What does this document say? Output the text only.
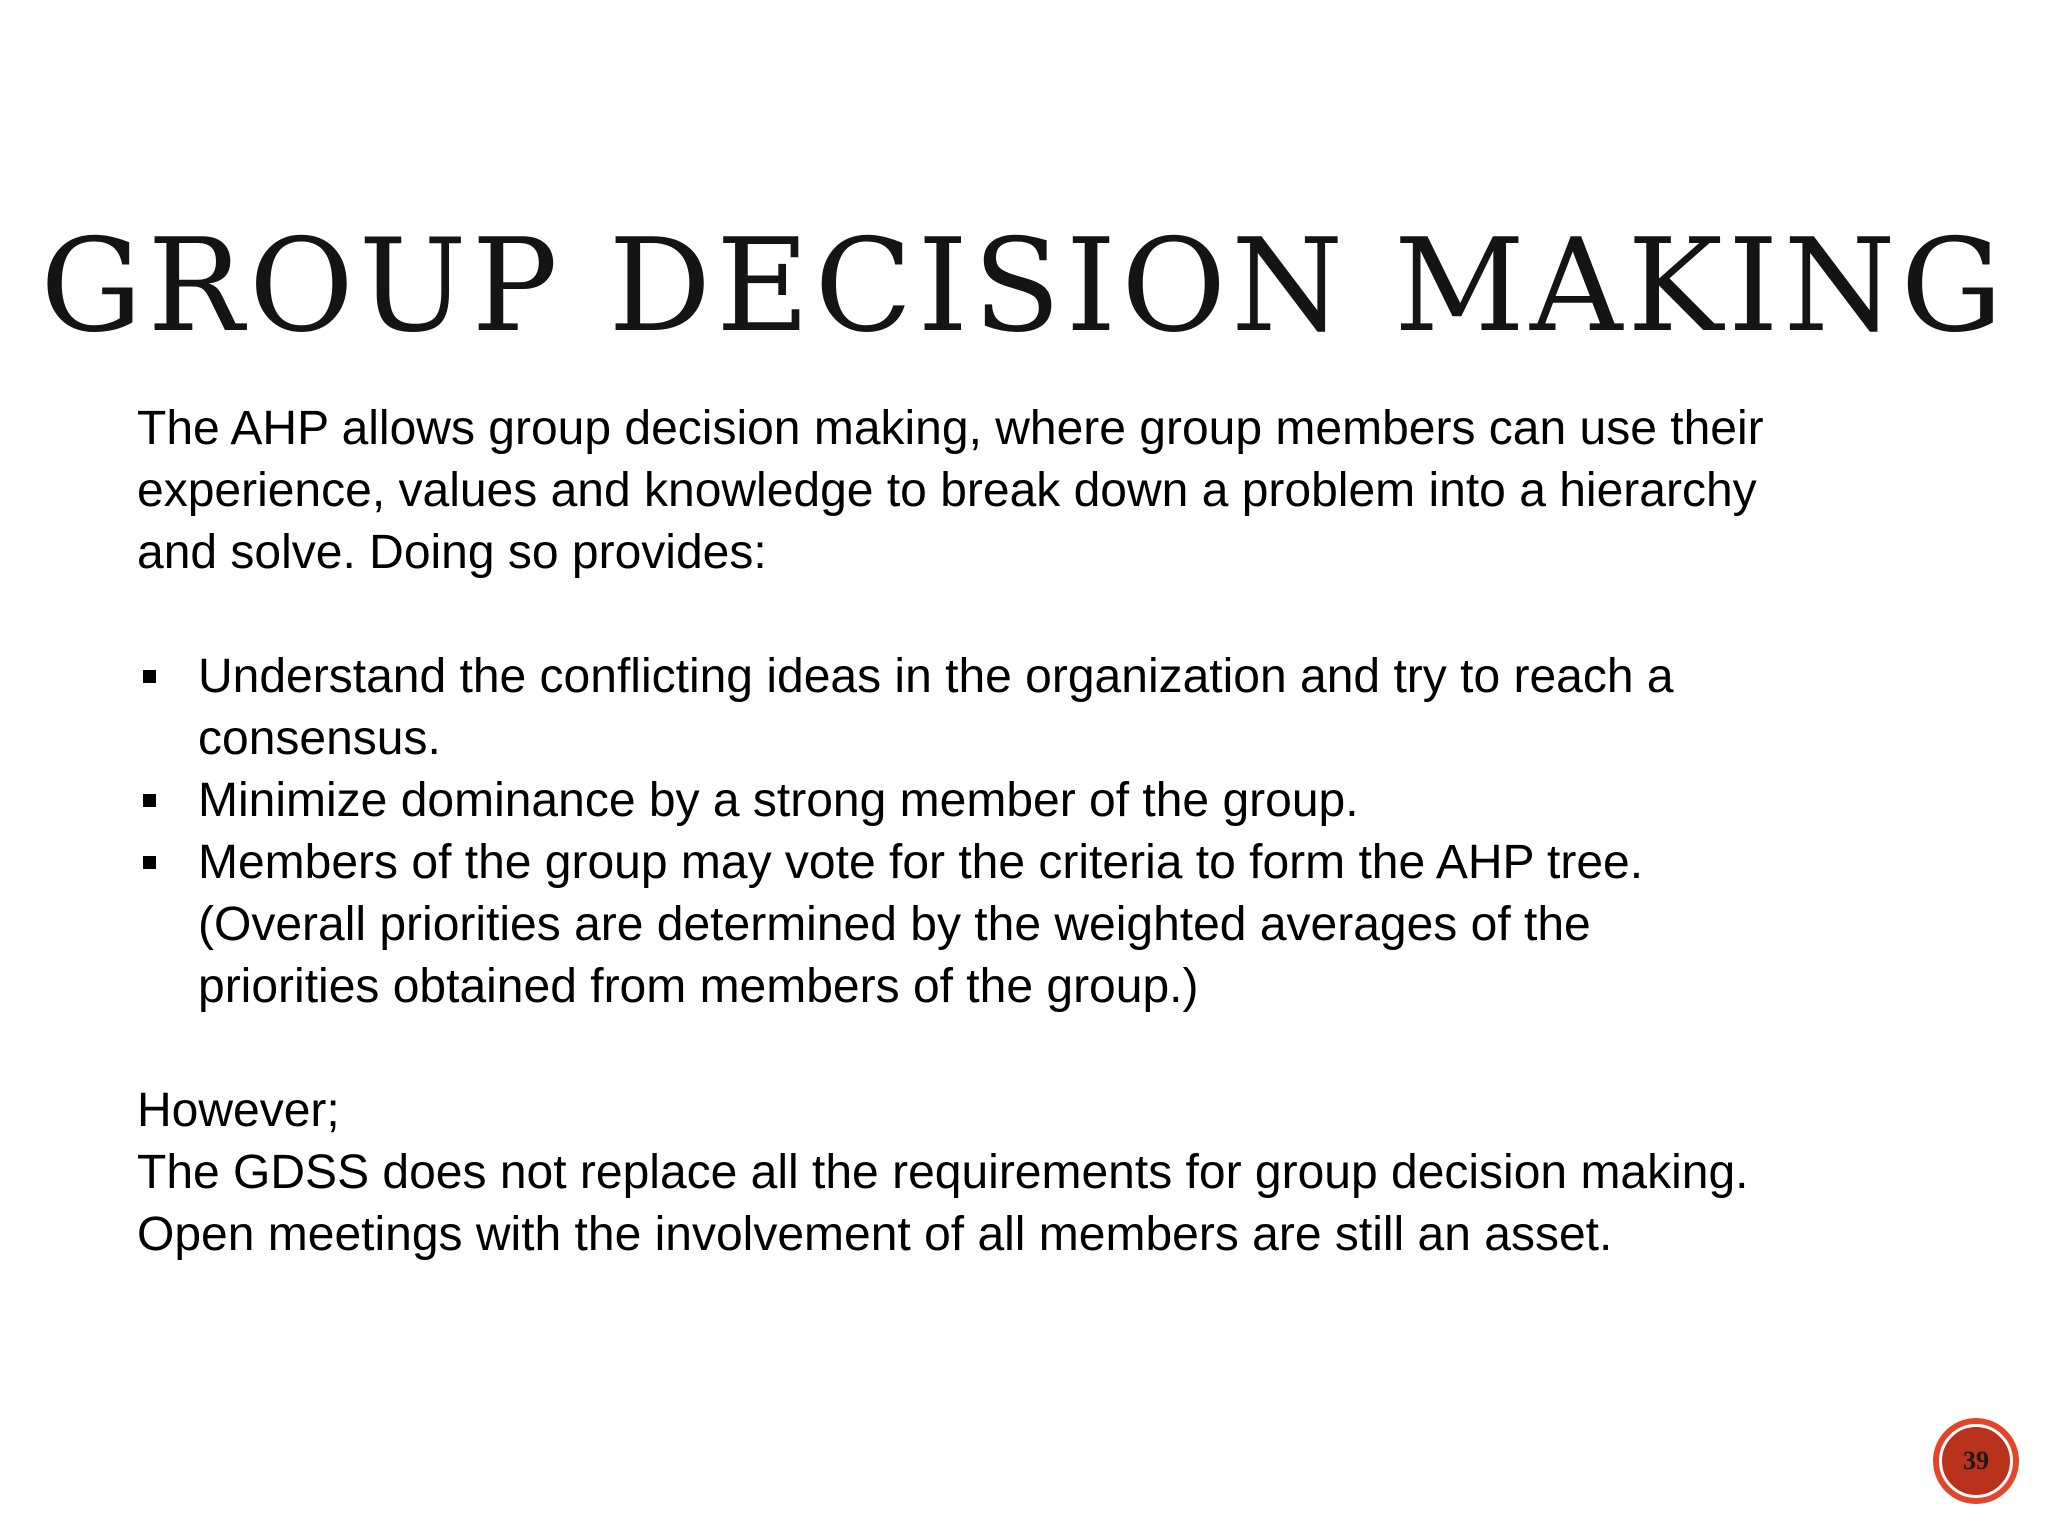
GROUP DECISION MAKING

The AHP allows group decision making, where group members can use their
experience, values and knowledge to break down a problem into a hierarchy
and solve. Doing so provides:

Understand the conflicting ideas in the organization and try to reach a
consensus.
Minimize dominance by a strong member of the group.
Members of the group may vote for the criteria to form the AHP tree.
(Overall priorities are determined by the weighted averages of the
priorities obtained from members of the group.)

However;
The GDSS does not replace all the requirements for group decision making.
Open meetings with the involvement of all members are still an asset.

39
